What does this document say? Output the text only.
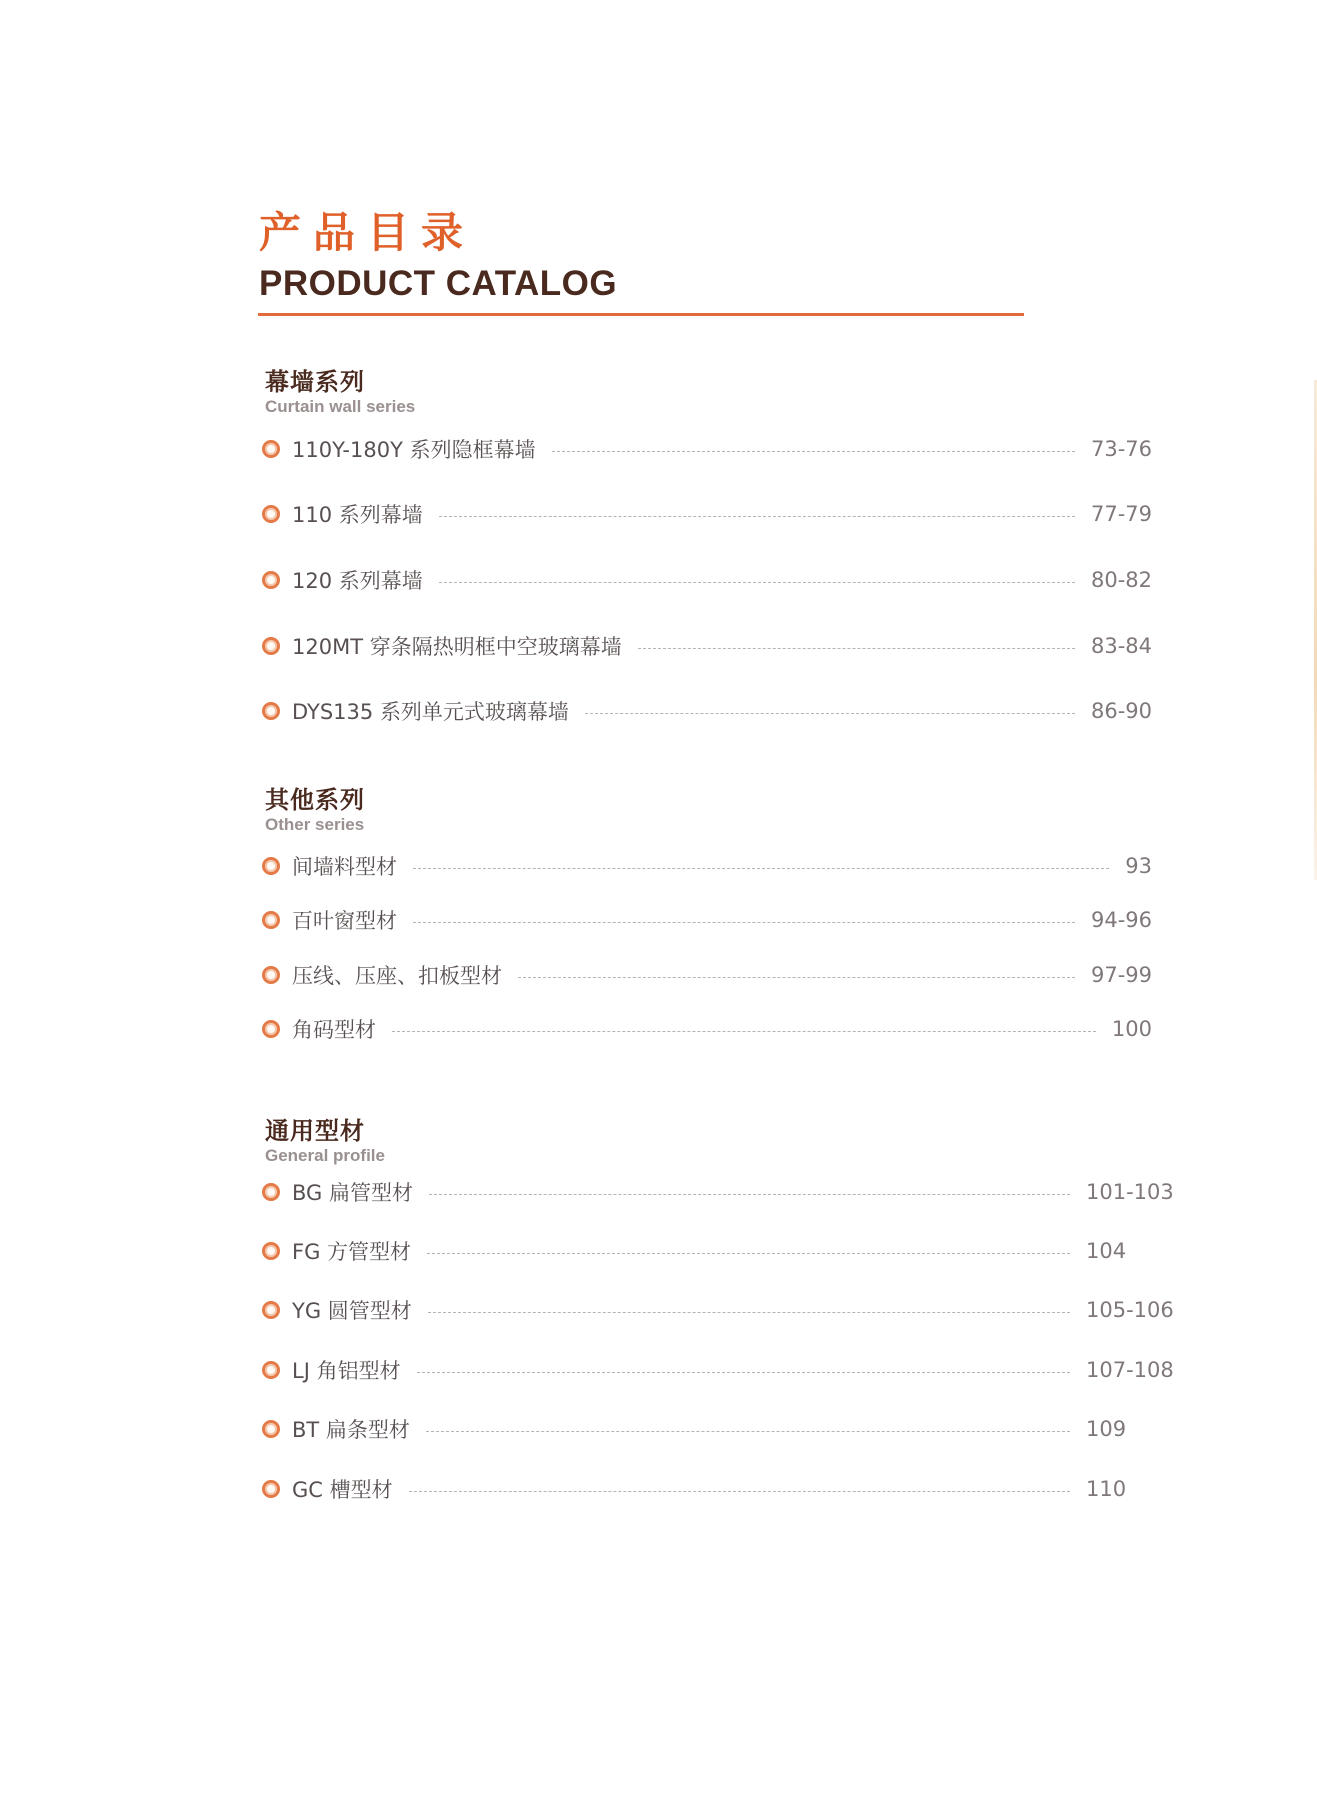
产品目录
PRODUCT CATALOG
幕墙系列
Curtain wall series
110Y-180Y 系列隐框幕墙	73-76
110 系列幕墙	77-79
120 系列幕墙	80-82
120MT 穿条隔热明框中空玻璃幕墙	83-84
DYS135 系列单元式玻璃幕墙	86-90
其他系列
Other series
间墙料型材	93
百叶窗型材	94-96
压线、压座、扣板型材	97-99
角码型材	100
通用型材
General profile
BG 扁管型材	101-103
FG 方管型材	104
YG 圆管型材	105-106
LJ 角铝型材	107-108
BT 扁条型材	109
GC 槽型材	110
